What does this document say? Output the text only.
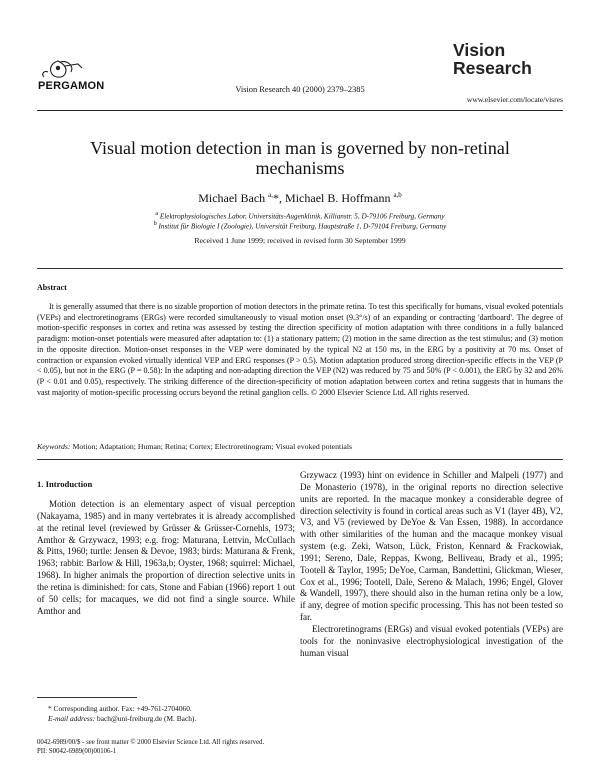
PERGAMON	Vision Research 40 (2000) 2379–2385
Vision
Research
www.elsevier.com/locate/visres
Visual motion detection in man is governed by non-retinal mechanisms
Michael Bach $^{a,}$*, Michael B. Hoffmann $^{a,b}$
$^a$ Elektrophysiologisches Labor, Universitäts-Augenklinik, Killianstr. 5, D-79106 Freiburg, Germany
$^b$ Institut für Biologie I (Zoologie), Universität Freiburg, Hauptstraße 1, D-79104 Freiburg, Germany
Received 1 June 1999; received in revised form 30 September 1999
Abstract
It is generally assumed that there is no sizable proportion of motion detectors in the primate retina. To test this specifically for humans, visual evoked potentials (VEPs) and electroretinograms (ERGs) were recorded simultaneously to visual motion onset (9.3°/s) of an expanding or contracting 'dartboard'. The degree of motion-specific responses in cortex and retina was assessed by testing the direction specificity of motion adaptation with three conditions in a fully balanced paradigm: motion-onset potentials were measured after adaptation to: (1) a stationary pattern; (2) motion in the same direction as the test stimulus; and (3) motion in the opposite direction. Motion-onset responses in the VEP were dominated by the typical N2 at 150 ms, in the ERG by a positivity at 70 ms. Onset of contraction or expansion evoked virtually identical VEP and ERG responses (P > 0.5). Motion adaptation produced strong direction-specific effects in the VEP (P < 0.05), but not in the ERG (P = 0.58): In the adapting and non-adapting direction the VEP (N2) was reduced by 75 and 50% (P < 0.001), the ERG by 32 and 26% (P < 0.01 and 0.05), respectively. The striking difference of the direction-specificity of motion adaptation between cortex and retina suggests that in humans the vast majority of motion-specific processing occurs beyond the retinal ganglion cells. © 2000 Elsevier Science Ltd. All rights reserved.
Keywords: Motion; Adaptation; Human; Retina; Cortex; Electroretinogram; Visual evoked potentials
1. Introduction
Motion detection is an elementary aspect of visual perception (Nakayama, 1985) and in many vertebrates it is already accomplished at the retinal level (reviewed by Grüsser & Grüsser-Cornehls, 1973; Amthor & Grzywacz, 1993; e.g. frog: Maturana, Lettvin, McCullach & Pitts, 1960; turtle: Jensen & Devoe, 1983; birds: Maturana & Frenk, 1963; rabbit: Barlow & Hill, 1963a,b; Oyster, 1968; squirrel: Michael, 1968). In higher animals the proportion of direction selective units in the retina is diminished: for cats, Stone and Fabian (1966) report 1 out of 50 cells; for macaques, we did not find a single source. While Amthor and

Grzywacz (1993) hint on evidence in Schiller and Malpeli (1977) and De Monasterio (1978), in the original reports no direction selective units are reported. In the macaque monkey a considerable degree of direction selectivity is found in cortical areas such as V1 (layer 4B), V2, V3, and V5 (reviewed by DeYoe & Van Essen, 1988). In accordance with other similarities of the human and the macaque monkey visual system (e.g. Zeki, Watson, Lück, Friston, Kennard & Frackowiak, 1991; Sereno, Dale, Reppas, Kwong, Belliveau, Brady et al., 1995; Tootell & Taylor, 1995; DeYoe, Carman, Bandettini, Glickman, Wieser, Cox et al., 1996; Tootell, Dale, Sereno & Malach, 1996; Engel, Glover & Wandell, 1997), there should also in the human retina only be a low, if any, degree of motion specific processing. This has not been tested so far.

Electroretinograms (ERGs) and visual evoked potentials (VEPs) are tools for the noninvasive electrophysiological investigation of the human visual

* Corresponding author. Fax: +49-761-2704060.
E-mail address: bach@uni-freiburg.de (M. Bach).
0042-6989/00/$ - see front matter © 2000 Elsevier Science Ltd. All rights reserved.
PII: S0042-6989(00)00106-1
